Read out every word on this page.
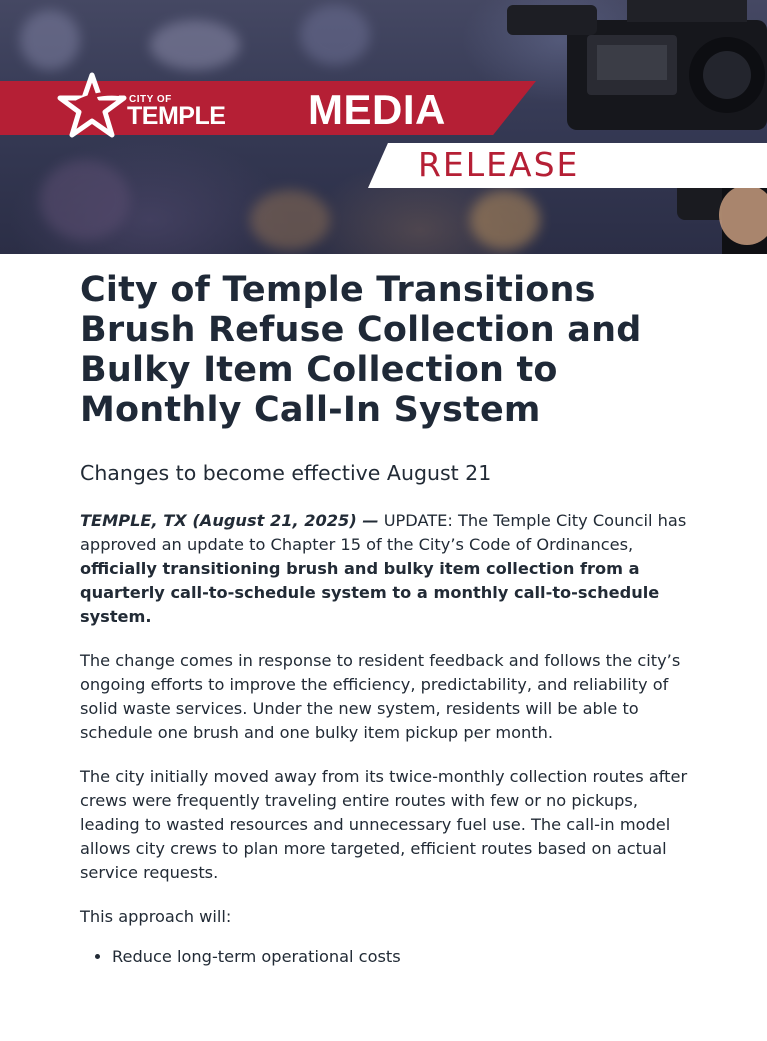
CITY OF
TEMPLE MEDIA
RELEASE
City of Temple Transitions Brush Refuse Collection and Bulky Item Collection to Monthly Call-In System

Changes to become effective August 21

TEMPLE, TX (August 21, 2025) — UPDATE: The Temple City Council has approved an update to Chapter 15 of the City’s Code of Ordinances, officially transitioning brush and bulky item collection from a quarterly call-to-schedule system to a monthly call-to-schedule system.

The change comes in response to resident feedback and follows the city’s ongoing efforts to improve the efficiency, predictability, and reliability of solid waste services. Under the new system, residents will be able to schedule one brush and one bulky item pickup per month.

The city initially moved away from its twice-monthly collection routes after crews were frequently traveling entire routes with few or no pickups, leading to wasted resources and unnecessary fuel use. The call-in model allows city crews to plan more targeted, efficient routes based on actual service requests.

This approach will:

• Reduce long-term operational costs
